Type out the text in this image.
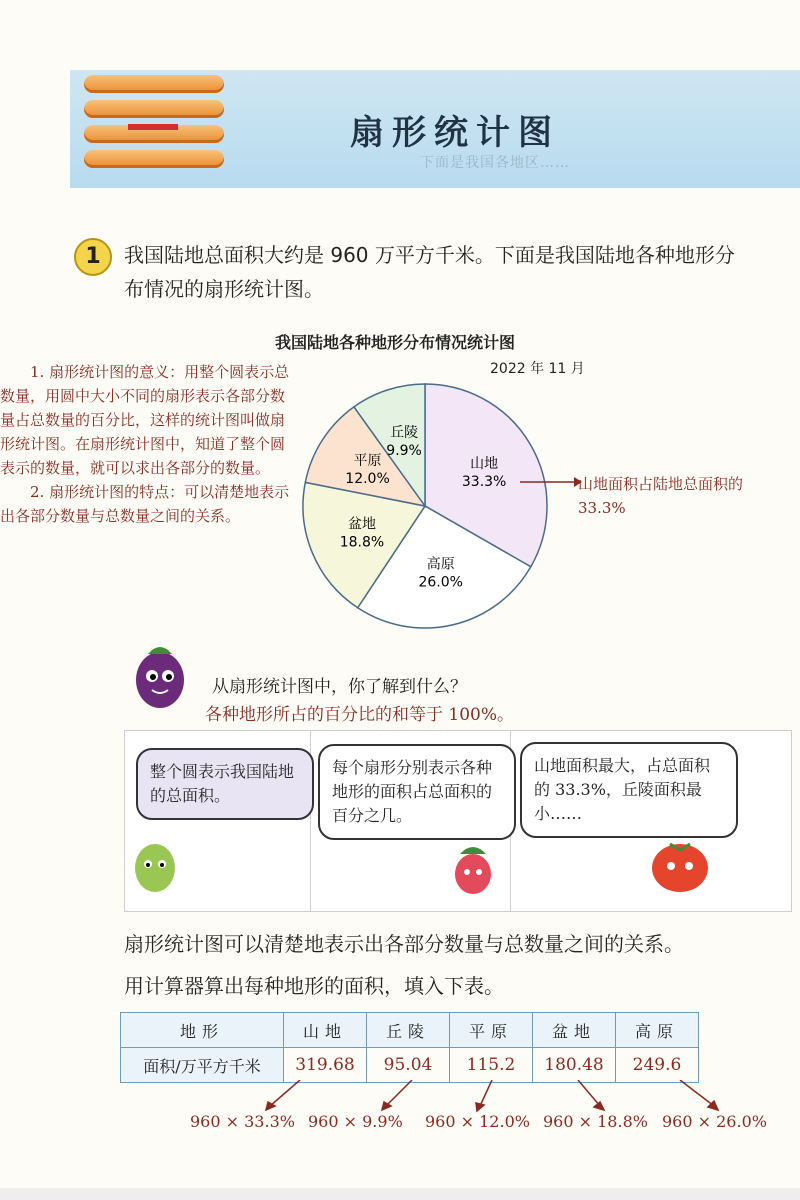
扇形统计图
下面是我国各地区……
1	我国陆地总面积大约是 960 万平方千米。下面是我国陆地各种地形分布情况的扇形统计图。
我国陆地各种地形分布情况统计图
2022 年 11 月
山地
33.3%
高原
26.0%
盆地
18.8%
平原
12.0%
丘陵
9.9%
山地面积占陆地总面积的 33.3%

1. 扇形统计图的意义：用整个圆表示总数量，用圆中大小不同的扇形表示各部分数量占总数量的百分比，这样的统计图叫做扇形统计图。在扇形统计图中，知道了整个圆表示的数量，就可以求出各部分的数量。

2. 扇形统计图的特点：可以清楚地表示出各部分数量与总数量之间的关系。

从扇形统计图中，你了解到什么？
各种地形所占的百分比的和等于 100%。
整个圆表示我国陆地的总面积。
每个扇形分别表示各种地形的面积占总面积的百分之几。
山地面积最大，占总面积的 33.3%，丘陵面积最小……
扇形统计图可以清楚地表示出各部分数量与总数量之间的关系。
用计算器算出每种地形的面积，填入下表。
地形	山地	丘陵	平原	盆地	高原
面积/万平方千米	319.68	95.04	115.2	180.48	249.6
960 × 33.3% 960 × 9.9% 960 × 12.0% 960 × 18.8% 960 × 26.0%
